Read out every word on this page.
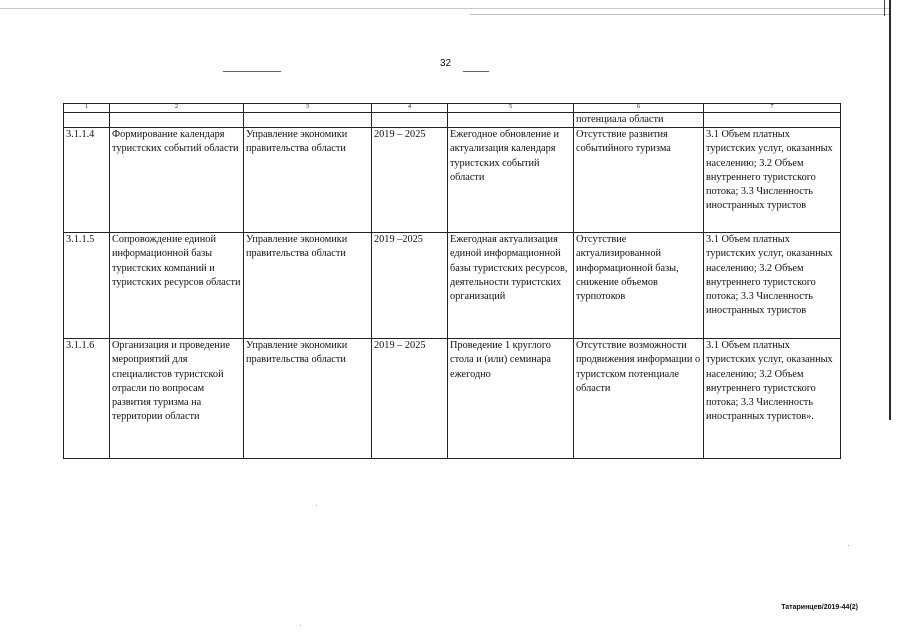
32
1	2	3	4	5	6	7
					потенциала области	
3.1.1.4	Формирование календаря туристских событий области	Управление экономики правительства области	2019 – 2025	Ежегодное обновление и актуализация календаря туристских событий области	Отсутствие развития событийного туризма	3.1 Объем платных туристских услуг, оказанных населению; 3.2 Объем внутреннего туристского потока; 3.3 Численность иностранных туристов
3.1.1.5	Сопровождение единой информационной базы туристских компаний и туристских ресурсов области	Управление экономики правительства области	2019 –2025	Ежегодная актуализация единой информационной базы туристских ресурсов, деятельности туристских организаций	Отсутствие актуализированной информационной базы, снижение объемов турпотоков	3.1 Объем платных туристских услуг, оказанных населению; 3.2 Объем внутреннего туристского потока; 3.3 Численность иностранных туристов
3.1.1.6	Организация и проведение мероприятий для специалистов туристской отрасли по вопросам развития туризма на территории области	Управление экономики правительства области	2019 – 2025	Проведение 1 круглого стола и (или) семинара ежегодно	Отсутствие возможности продвижения информации о туристском потенциале области	3.1 Объем платных туристских услуг, оказанных населению; 3.2 Объем внутреннего туристского потока; 3.3 Численность иностранных туристов».
Татаринцев/2019-44(2)
